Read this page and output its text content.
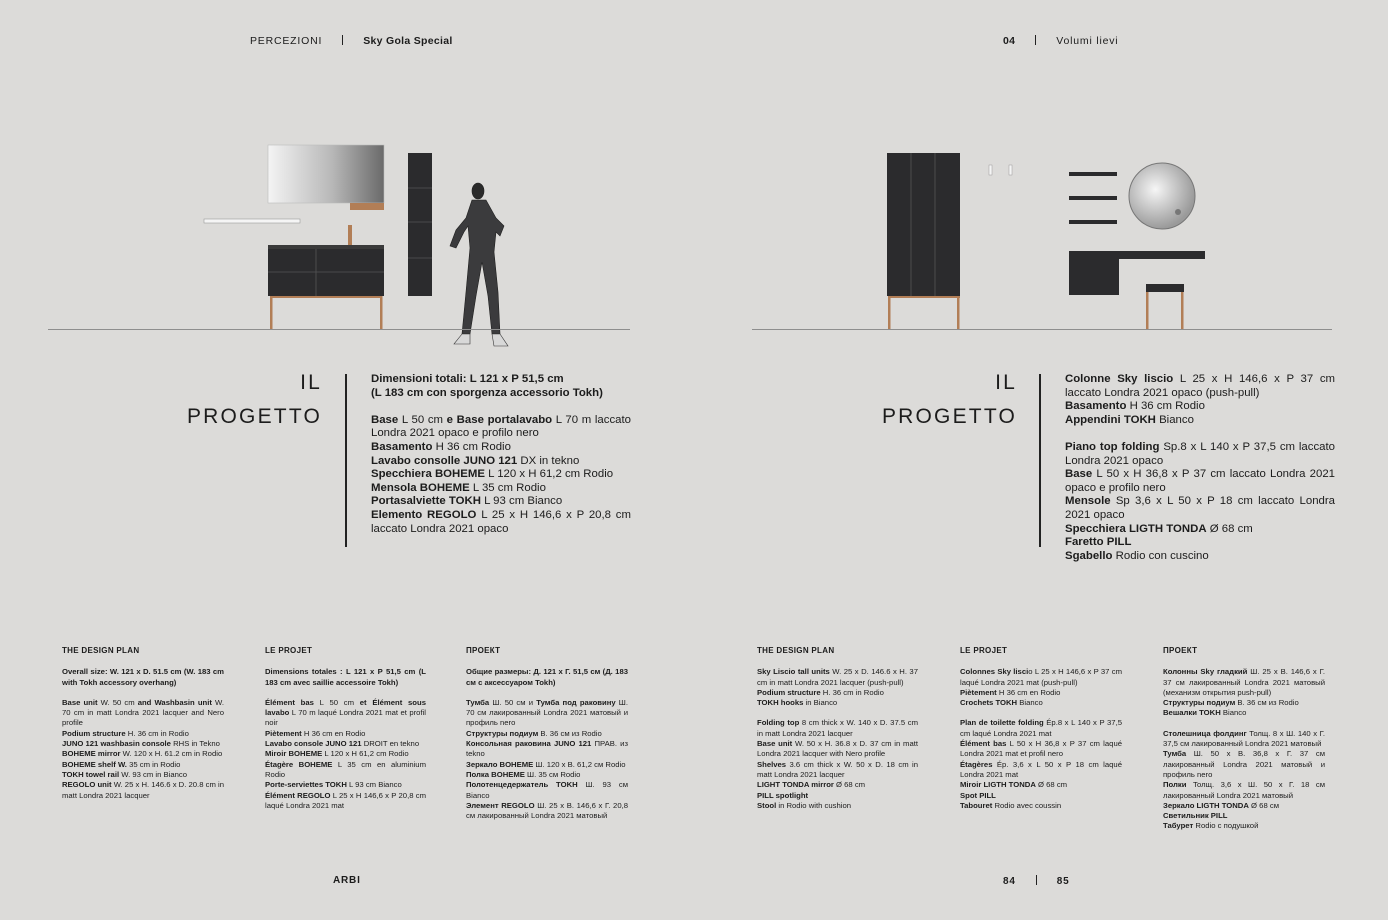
PERCEZIONI	Sky Gola Special	04	Volumi lievi
IL
PROGETTO

Dimensioni totali: L 121 x P 51,5 cm

(L 183 cm con sporgenza accessorio Tokh)

Base L 50 cm e Base portalavabo L 70 m laccato Londra 2021 opaco e profilo nero

Basamento H 36 cm Rodio

Lavabo consolle JUNO 121 DX in tekno

Specchiera BOHEME L 120 x H 61,2 cm Rodio

Mensola BOHEME L 35 cm Rodio

Portasalviette TOKH L 93 cm Bianco

Elemento REGOLO L 25 x H 146,6 x P 20,8 cm laccato Londra 2021 opaco

IL
PROGETTO

Colonne Sky liscio L 25 x H 146,6 x P 37 cm laccato Londra 2021 opaco (push-pull)

Basamento H 36 cm Rodio

Appendini TOKH Bianco

Piano top folding Sp.8 x L 140 x P 37,5 cm laccato Londra 2021 opaco

Base L 50 x H 36,8 x P 37 cm laccato Londra 2021 opaco e profilo nero

Mensole Sp 3,6 x L 50 x P 18 cm laccato Londra 2021 opaco

Specchiera LIGTH TONDA Ø 68 cm

Faretto PILL

Sgabello Rodio con cuscino

THE DESIGN PLAN

Overall size: W. 121 x D. 51.5 cm (W. 183 cm with Tokh accessory overhang)

Base unit W. 50 cm and Washbasin unit W. 70 cm in matt Londra 2021 lacquer and Nero profile

Podium structure H. 36 cm in Rodio

JUNO 121 washbasin console RHS in Tekno

BOHEME mirror W. 120 x H. 61.2 cm in Rodio

BOHEME shelf W. 35 cm in Rodio

TOKH towel rail W. 93 cm in Bianco

REGOLO unit W. 25 x H. 146.6 x D. 20.8 cm in matt Londra 2021 lacquer

LE PROJET

Dimensions totales : L 121 x P 51,5 cm (L 183 cm avec saillie accessoire Tokh)

Élément bas L 50 cm et Élément sous lavabo L 70 m laqué Londra 2021 mat et profil noir

Piètement H 36 cm en Rodio

Lavabo console JUNO 121 DROIT en tekno

Miroir BOHEME L 120 x H 61,2 cm Rodio

Étagère BOHEME L 35 cm en aluminium Rodio

Porte-serviettes TOKH L 93 cm Bianco

Élément REGOLO L 25 x H 146,6 x P 20,8 cm laqué Londra 2021 mat

ПРОЕКТ

Общие размеры: Д. 121 х Г. 51,5 см (Д. 183 см с аксессуаром Tokh)

Тумба Ш. 50 см и Тумба под раковину Ш. 70 см лакированный Londra 2021 матовый и профиль nero

Структуры подиум В. 36 см из Rodio

Консольная раковина JUNO 121 ПРАВ. из tekno

Зеркало BOHEME Ш. 120 х В. 61,2 см Rodio

Полка BOHEME Ш. 35 см Rodio

Полотенцедержатель TOKH Ш. 93 см Bianco

Элемент REGOLO Ш. 25 х В. 146,6 х Г. 20,8 см лакированный Londra 2021 матовый

THE DESIGN PLAN

Sky Liscio tall units W. 25 x D. 146.6 x H. 37 cm in matt Londra 2021 lacquer (push-pull)

Podium structure H. 36 cm in Rodio

TOKH hooks in Bianco

Folding top 8 cm thick x W. 140 x D. 37.5 cm in matt Londra 2021 lacquer

Base unit W. 50 x H. 36.8 x D. 37 cm in matt Londra 2021 lacquer with Nero profile

Shelves 3.6 cm thick x W. 50 x D. 18 cm in matt Londra 2021 lacquer

LIGHT TONDA mirror Ø 68 cm

PILL spotlight

Stool in Rodio with cushion

LE PROJET

Colonnes Sky liscio L 25 x H 146,6 x P 37 cm laqué Londra 2021 mat (push-pull)

Piètement H 36 cm en Rodio

Crochets TOKH Bianco

Plan de toilette folding Ép.8 x L 140 x P 37,5 cm laqué Londra 2021 mat

Élément bas L 50 x H 36,8 x P 37 cm laqué Londra 2021 mat et profil nero

Étagères Ép. 3,6 x L 50 x P 18 cm laqué Londra 2021 mat

Miroir LIGTH TONDA Ø 68 cm

Spot PILL

Tabouret Rodio avec coussin

ПРОЕКТ

Колонны Sky гладкий Ш. 25 х В. 146,6 х Г. 37 см лакированный Londra 2021 матовый (механизм открытия push-pull)

Структуры подиум В. 36 см из Rodio

Вешалки TOKH Bianco

Столешница фолдинг Толщ. 8 х Ш. 140 х Г. 37,5 см лакированный Londra 2021 матовый

Тумба Ш. 50 х В. 36,8 х Г. 37 см лакированный Londra 2021 матовый и профиль nero

Полки Толщ. 3,6 х Ш. 50 х Г. 18 см лакированный Londra 2021 матовый

Зеркало LIGTH TONDA Ø 68 см

Светильник PILL

Табурет Rodio с подушкой

ARBI	84	85
